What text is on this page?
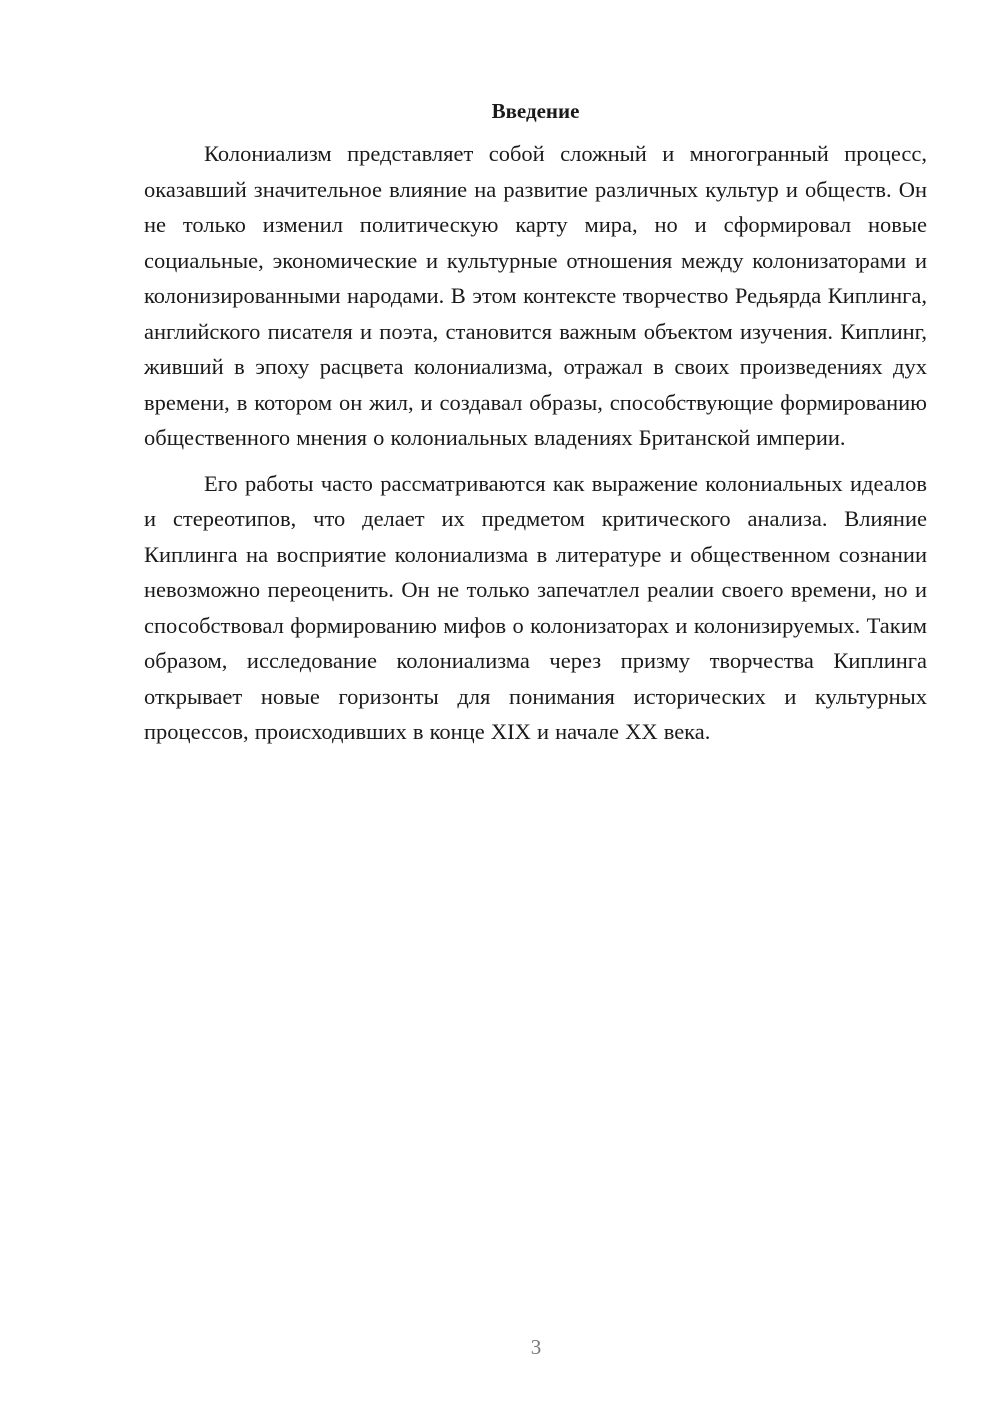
Введение

Колониализм представляет собой сложный и многогранный процесс, оказавший значительное влияние на развитие различных культур и обществ. Он не только изменил политическую карту мира, но и сформировал новые социальные, экономические и культурные отношения между колонизаторами и колонизированными народами. В этом контексте творчество Редьярда Киплинга, английского писателя и поэта, становится важным объектом изучения. Киплинг, живший в эпоху расцвета колониализма, отражал в своих произведениях дух времени, в котором он жил, и создавал образы, способствующие формированию общественного мнения о колониальных владениях Британской империи.

Его работы часто рассматриваются как выражение колониальных идеалов и стереотипов, что делает их предметом критического анализа. Влияние Киплинга на восприятие колониализма в литературе и общественном сознании невозможно переоценить. Он не только запечатлел реалии своего времени, но и способствовал формированию мифов о колонизаторах и колонизируемых. Таким образом, исследование колониализма через призму творчества Киплинга открывает новые горизонты для понимания исторических и культурных процессов, происходивших в конце XIX и начале XX века.

3
